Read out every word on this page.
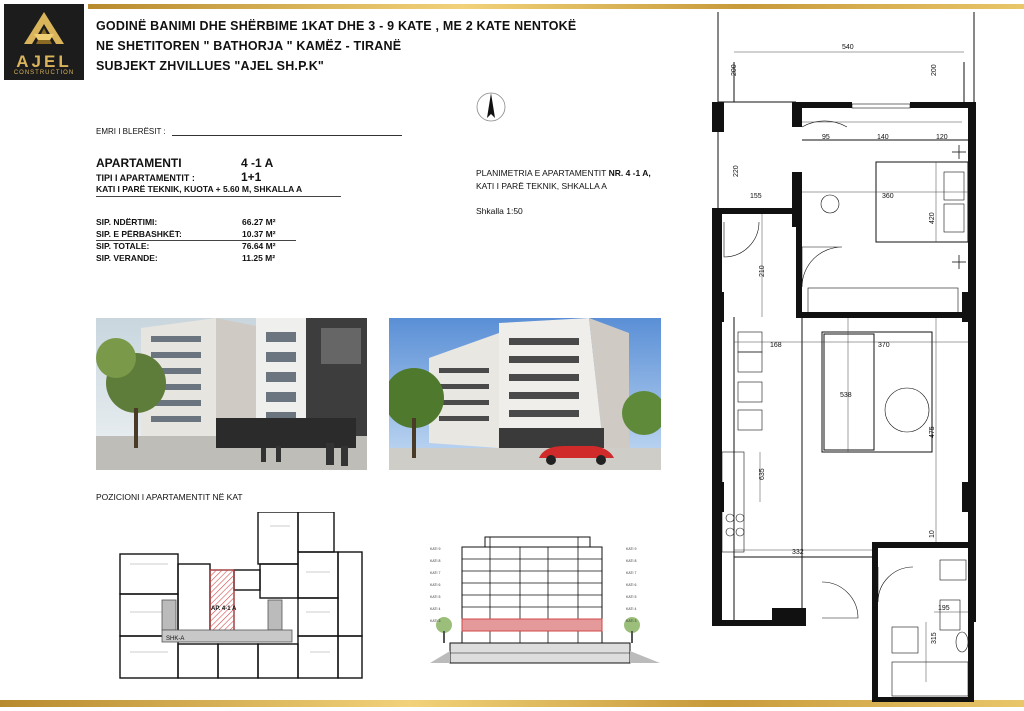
AJEL
CONSTRUCTION
GODINË BANIMI DHE SHËRBIME 1KAT DHE 3 - 9 KATE , ME 2 KATE NENTOKË
NE SHETITOREN " BATHORJA " KAMËZ - TIRANË
SUBJEKT ZHVILLUES "AJEL SH.P.K"
EMRI I BLERËSIT :
APARTAMENTI	4 -1 A
TIPI I APARTAMENTIT :	1+1
KATI I PARË TEKNIK, KUOTA + 5.60 M, SHKALLA A
SIP. NDËRTIMI:	66.27 M²
SIP. E PËRBASHKËT:	10.37 M²
SIP. TOTALE:	76.64 M²
SIP. VERANDE:	11.25 M²
PLANIMETRIA E APARTAMENTIT NR. 4 -1 A,
KATI I PARË TEKNIK, SHKALLA A
Shkalla 1:50
POZICIONI I APARTAMENTIT NË KAT
AP. 4-1 A
SHK-A
KATI 9
KATI 8
KATI 7
KATI 6
KATI 5
KATI 4
KATI 3
KATI 9
KATI 8
KATI 7
KATI 6
KATI 5
KATI 4
KATI 3
540
200	200
95	140	120
220
155	360
420
210
168	370
538
475
635
332
10
195
315
